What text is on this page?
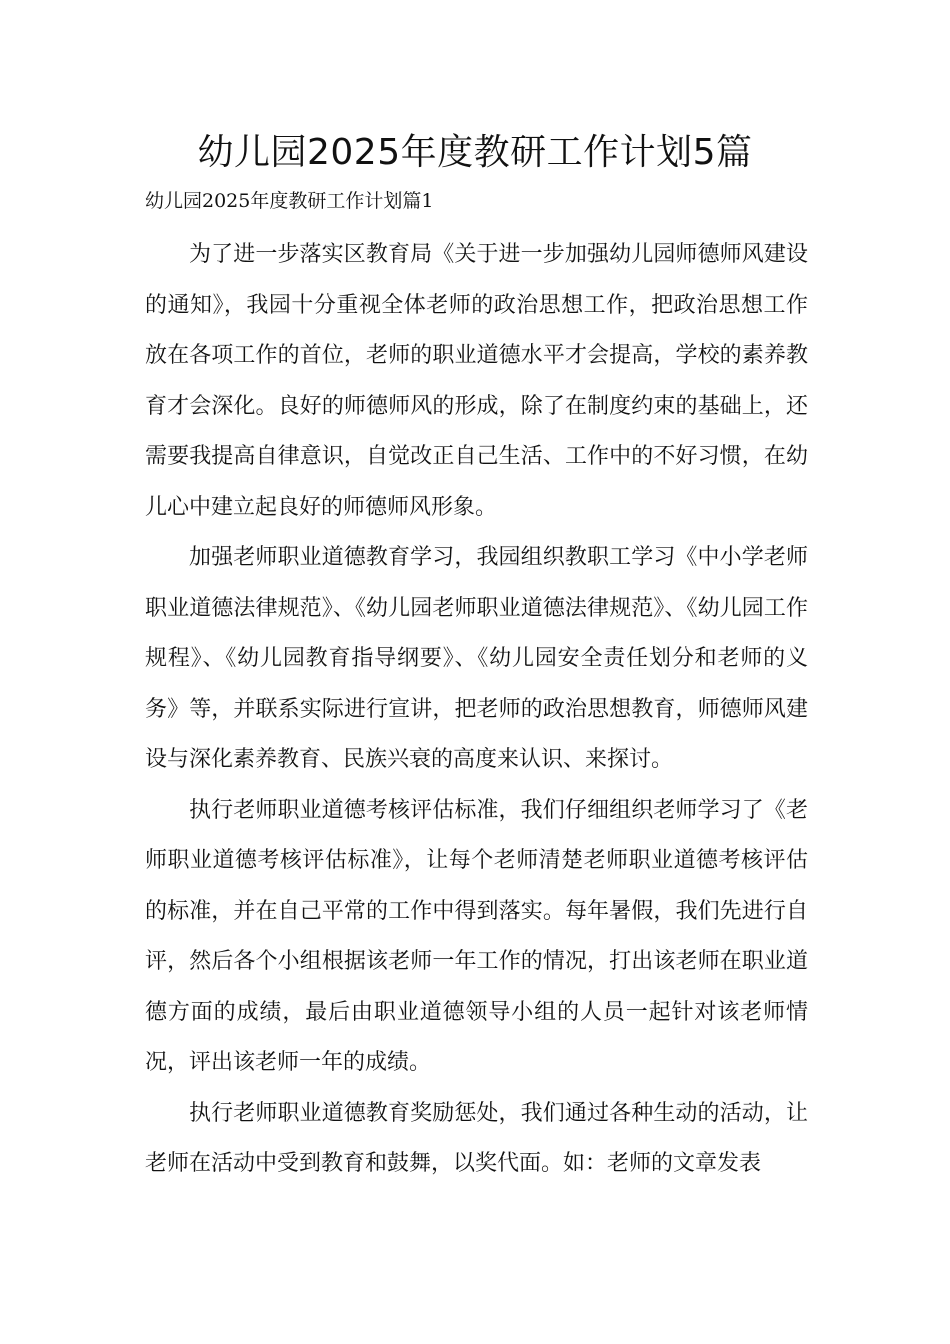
幼儿园2025年度教研工作计划5篇

幼儿园2025年度教研工作计划篇1

为了进一步落实区教育局《关于进一步加强幼儿园师德师风建设的通知》，我园十分重视全体老师的政治思想工作，把政治思想工作放在各项工作的首位，老师的职业道德水平才会提高，学校的素养教育才会深化。良好的师德师风的形成，除了在制度约束的基础上，还需要我提高自律意识，自觉改正自己生活、工作中的不好习惯，在幼儿心中建立起良好的师德师风形象。

加强老师职业道德教育学习，我园组织教职工学习《中小学老师职业道德法律规范》、《幼儿园老师职业道德法律规范》、《幼儿园工作规程》、《幼儿园教育指导纲要》、《幼儿园安全责任划分和老师的义务》等，并联系实际进行宣讲，把老师的政治思想教育，师德师风建设与深化素养教育、民族兴衰的高度来认识、来探讨。

执行老师职业道德考核评估标准，我们仔细组织老师学习了《老师职业道德考核评估标准》，让每个老师清楚老师职业道德考核评估的标准，并在自己平常的工作中得到落实。每年暑假，我们先进行自评，然后各个小组根据该老师一年工作的情况，打出该老师在职业道德方面的成绩，最后由职业道德领导小组的人员一起针对该老师情况，评出该老师一年的成绩。

执行老师职业道德教育奖励惩处，我们通过各种生动的活动，让老师在活动中受到教育和鼓舞，以奖代面。如：老师的文章发表
